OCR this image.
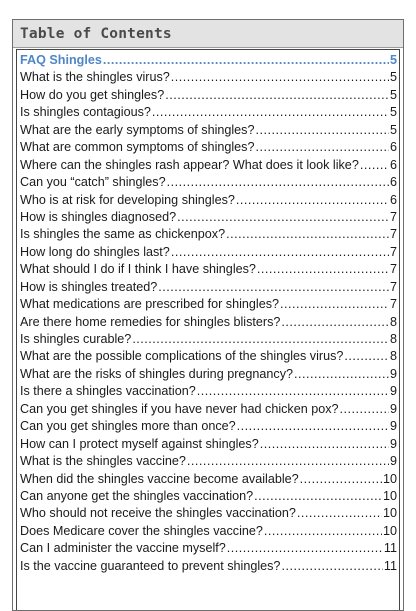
Table of Contents
FAQ Shingles .....	5
What is the shingles virus? .....	5
How do you get shingles? .....	5
Is shingles contagious? .....	5
What are the early symptoms of shingles? .....	5
What are common symptoms of shingles? .....	6
Where can the shingles rash appear? What does it look like? ..... 6
Can you “catch” shingles? .....	6
Who is at risk for developing shingles? .....	6
How is shingles diagnosed? .....	7
Is shingles the same as chickenpox? .....	7
How long do shingles last? .....	7
What should I do if I think I have shingles? .....	7
How is shingles treated? .....	7
What medications are prescribed for shingles? .....	7
Are there home remedies for shingles blisters? .....	8
Is shingles curable? .....	8
What are the possible complications of the shingles virus? .....	8
What are the risks of shingles during pregnancy? .....	9
Is there a shingles vaccination? .....	9
Can you get shingles if you have never had chicken pox? .....	9
Can you get shingles more than once? .....	9
How can I protect myself against shingles? .....	9
What is the shingles vaccine? .....	9
When did the shingles vaccine become available? .....	10
Can anyone get the shingles vaccination? .....	10
Who should not receive the shingles vaccination? .....	10
Does Medicare cover the shingles vaccine? .....	10
Can I administer the vaccine myself? .....	11
Is the vaccine guaranteed to prevent shingles? .....	11
